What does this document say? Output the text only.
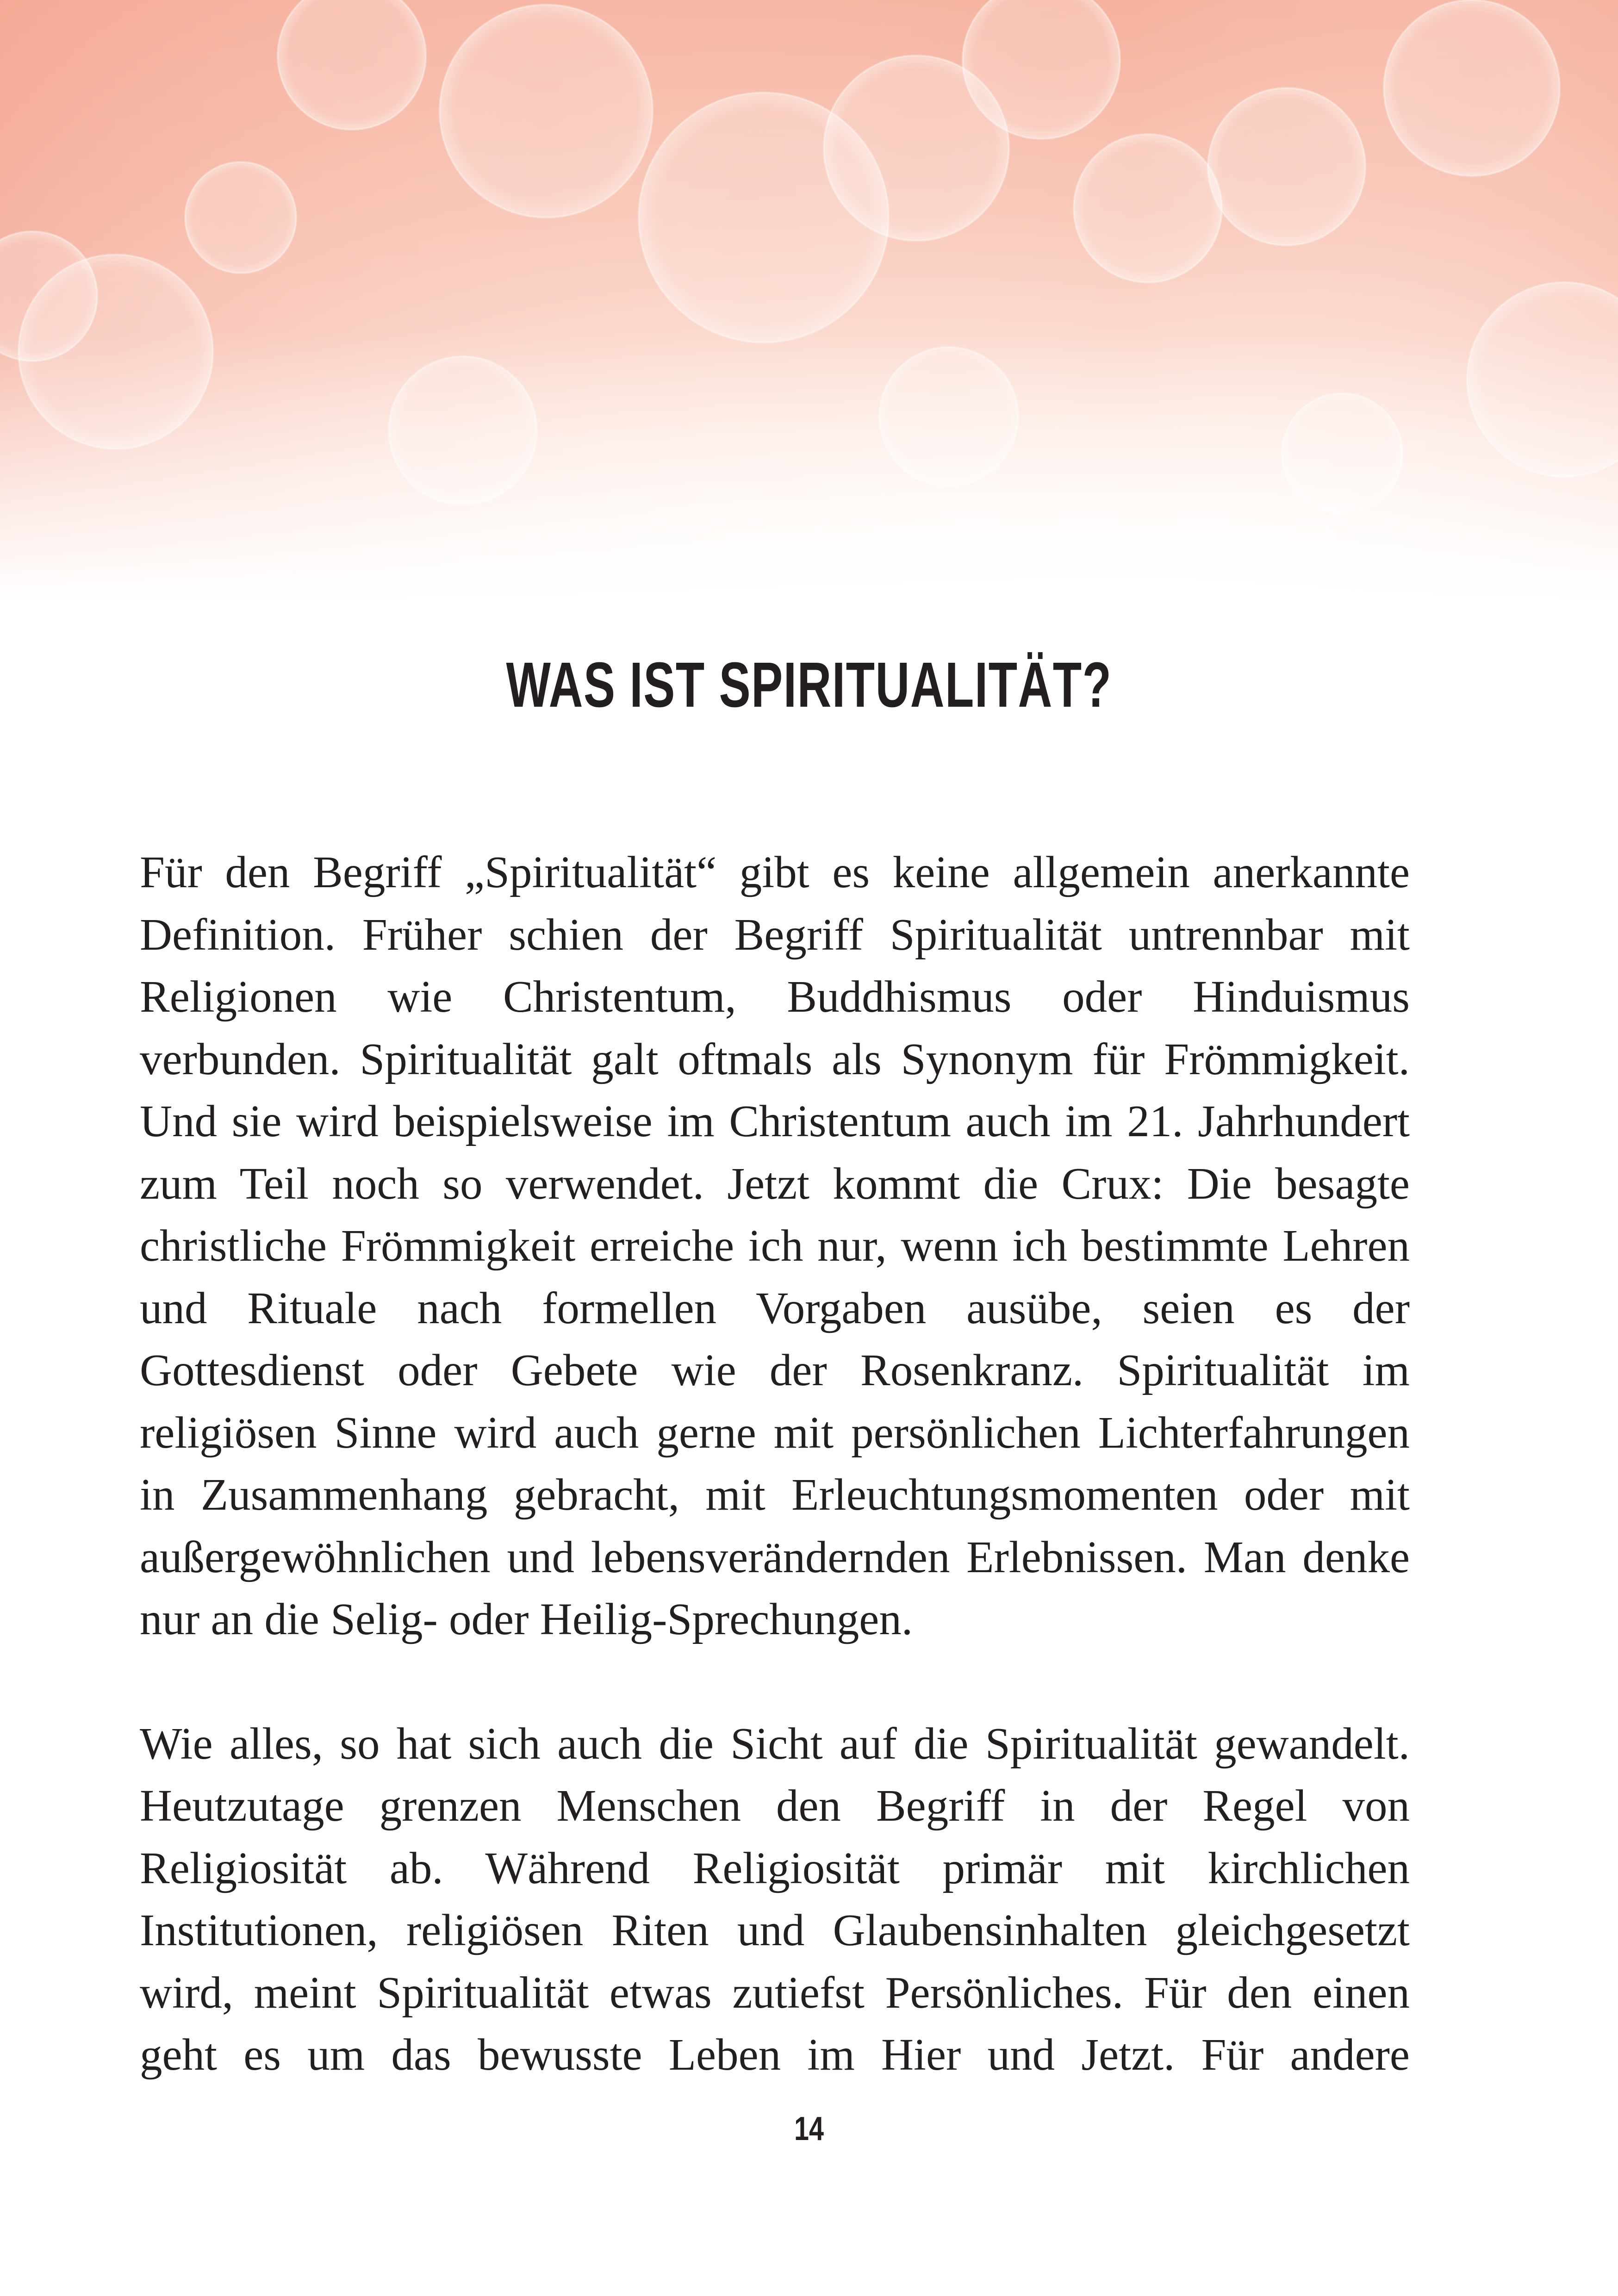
WAS IST SPIRITUALITÄT?

Für den Begriff „Spiritualität“ gibt es keine allgemein anerkannte Definition. Früher schien der Begriff Spiritualität untrennbar mit Religionen wie Christentum, Buddhismus oder Hinduismus verbunden. Spiritualität galt oftmals als Synonym für Frömmigkeit. Und sie wird beispielsweise im Christentum auch im 21. Jahrhundert zum Teil noch so verwendet. Jetzt kommt die Crux: Die besagte christliche Frömmigkeit erreiche ich nur, wenn ich bestimmte Lehren und Rituale nach formellen Vorgaben ausübe, seien es der Gottesdienst oder Gebete wie der Rosenkranz. Spiritualität im religiösen Sinne wird auch gerne mit persönlichen Lichterfahrungen in Zusammenhang gebracht, mit Erleuchtungsmomenten oder mit außergewöhnlichen und lebensverändernden Erlebnissen. Man denke nur an die Selig- oder Heilig-Sprechungen.

Wie alles, so hat sich auch die Sicht auf die Spiritualität gewandelt. Heutzutage grenzen Menschen den Begriff in der Regel von Religiosität ab. Während Religiosität primär mit kirchlichen Institutionen, religiösen Riten und Glaubensinhalten gleichgesetzt wird, meint Spiritualität etwas zutiefst Persönliches. Für den einen geht es um das bewusste Leben im Hier und Jetzt. Für andere

14
